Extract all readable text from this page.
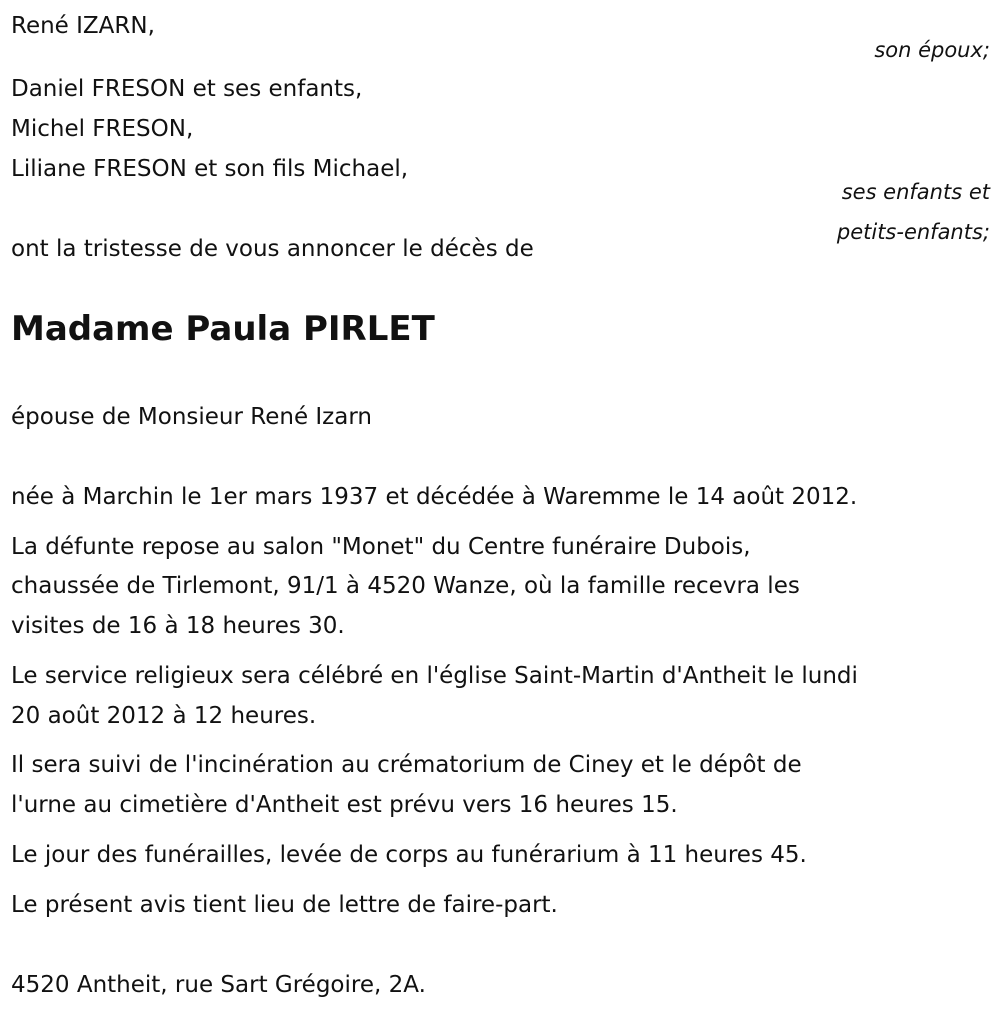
René IZARN,

son époux;

Daniel FRESON et ses enfants,

Michel FRESON,

Liliane FRESON et son fils Michael,

ses enfants et

petits-enfants;

ont la tristesse de vous annoncer le décès de

Madame Paula PIRLET

épouse de Monsieur René Izarn

née à Marchin le 1er mars 1937 et décédée à Waremme le 14 août 2012.

La défunte repose au salon "Monet" du Centre funéraire Dubois,

chaussée de Tirlemont, 91/1 à 4520 Wanze, où la famille recevra les

visites de 16 à 18 heures 30.

Le service religieux sera célébré en l'église Saint-Martin d'Antheit le lundi

20 août 2012 à 12 heures.

Il sera suivi de l'incinération au crématorium de Ciney et le dépôt de

l'urne au cimetière d'Antheit est prévu vers 16 heures 15.

Le jour des funérailles, levée de corps au funérarium à 11 heures 45.

Le présent avis tient lieu de lettre de faire-part.

4520 Antheit, rue Sart Grégoire, 2A.
